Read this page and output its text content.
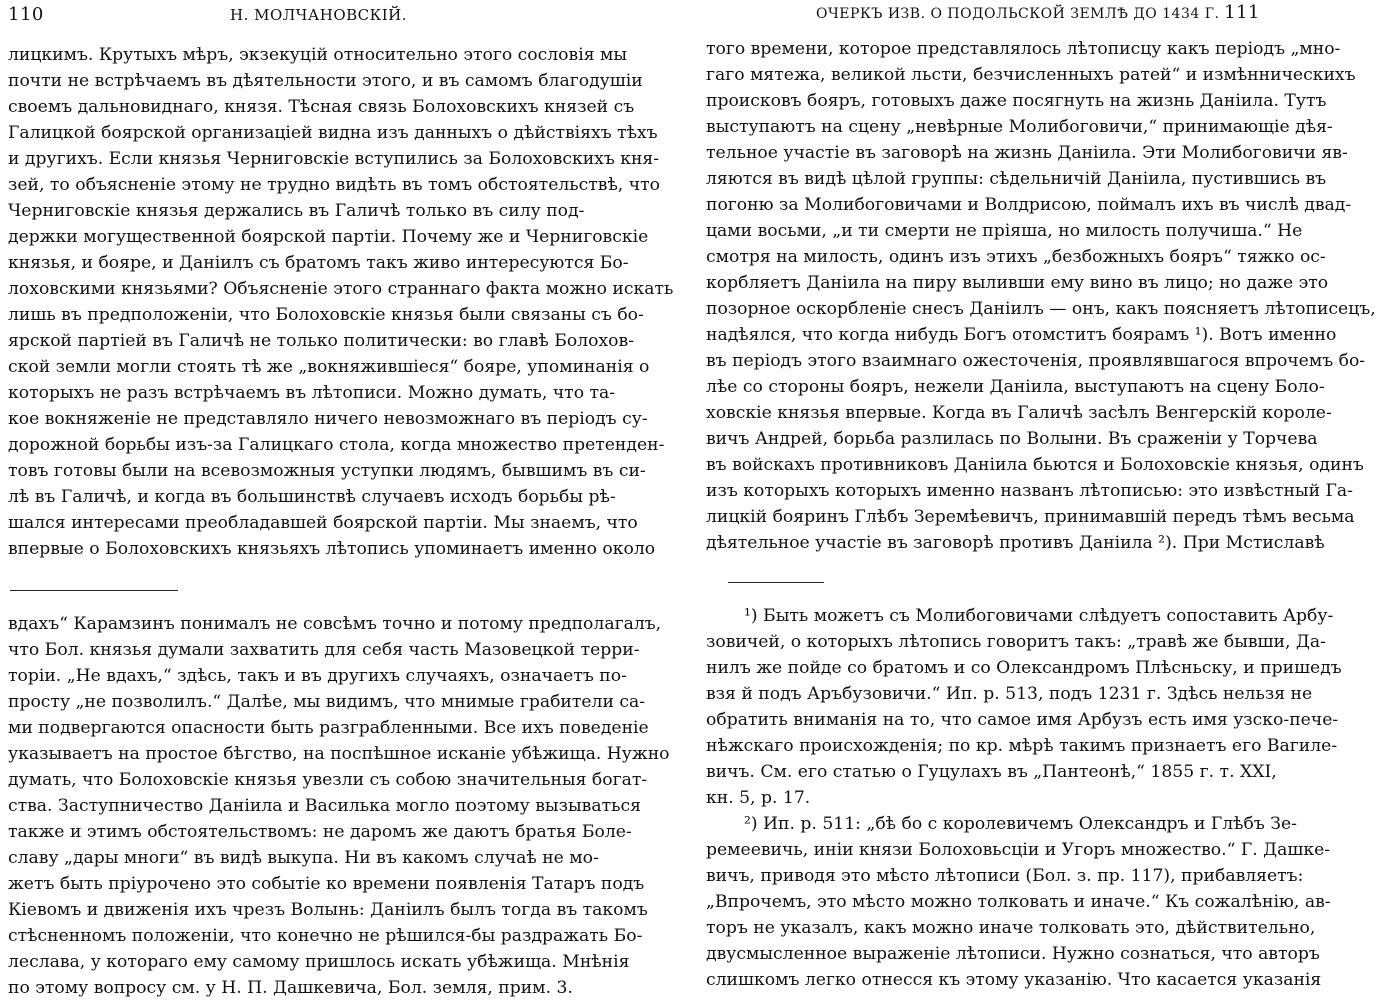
110	Н. МОЛЧАНОВСКІЙ.
лицкимъ. Крутыхъ мѣръ, экзекуцій относительно этого сословія мы
почти не встрѣчаемъ въ дѣятельности этого, и въ самомъ благодушіи
своемъ дальновиднаго, князя. Тѣсная связь Болоховскихъ князей съ
Галицкой боярской организаціей видна изъ данныхъ о дѣйствіяхъ тѣхъ
и другихъ. Если князья Черниговскіе вступились за Болоховскихъ кня-
зей, то объясненіе этому не трудно видѣть въ томъ обстоятельствѣ, что
Черниговскіе князья держались въ Галичѣ только въ силу под-
держки могущественной боярской партіи. Почему же и Черниговскіе
князья, и бояре, и Даніилъ съ братомъ такъ живо интересуются Бо-
лоховскими князьями? Объясненіе этого страннаго факта можно искать
лишь въ предположеніи, что Болоховскіе князья были связаны съ бо-
ярской партіей въ Галичѣ не только политически: во главѣ Болохов-
ской земли могли стоять тѣ же „вокняжившіеся“ бояре, упоминанія о
которыхъ не разъ встрѣчаемъ въ лѣтописи. Можно думать, что та-
кое вокняженіе не представляло ничего невозможнаго въ періодъ су-
дорожной борьбы изъ-за Галицкаго стола, когда множество претенден-
товъ готовы были на всевозможныя уступки людямъ, бывшимъ въ си-
лѣ въ Галичѣ, и когда въ большинствѣ случаевъ исходъ борьбы рѣ-
шался интересами преобладавшей боярской партіи. Мы знаемъ, что
впервые о Болоховскихъ князьяхъ лѣтопись упоминаетъ именно около
вдахъ“ Карамзинъ понималъ не совсѣмъ точно и потому предполагалъ,
что Бол. князья думали захватить для себя часть Мазовецкой терри-
торіи. „Не вдахъ,“ здѣсь, такъ и въ другихъ случаяхъ, означаетъ по-
просту „не позволилъ.“ Далѣе, мы видимъ, что мнимые грабители са-
ми подвергаются опасности быть разграбленными. Все ихъ поведеніе
указываетъ на простое бѣгство, на поспѣшное исканіе убѣжища. Нужно
думать, что Болоховскіе князья увезли съ собою значительныя богат-
ства. Заступничество Даніила и Василька могло поэтому вызываться
также и этимъ обстоятельствомъ: не даромъ же даютъ братья Боле-
славу „дары многи“ въ видѣ выкупа. Ни въ какомъ случаѣ не мо-
жетъ быть пріурочено это событіе ко времени появленія Татаръ подъ
Кіевомъ и движенія ихъ чрезъ Волынь: Даніилъ былъ тогда въ такомъ
стѣсненномъ положеніи, что конечно не рѣшился-бы раздражать Бо-
леслава, у котораго ему самому пришлось искать убѣжища. Мнѣнія
по этому вопросу см. у Н. П. Дашкевича, Бол. земля, прим. 3.
ОЧЕРКЪ ИЗВ. О ПОДОЛЬСКОЙ ЗЕМЛѢ ДО 1434 Г. 111
того времени, которое представлялось лѣтописцу какъ періодъ „мно-
гаго мятежа, великой льсти, безчисленныхъ ратей“ и измѣнническихъ
происковъ бояръ, готовыхъ даже посягнуть на жизнь Даніила. Тутъ
выступаютъ на сцену „невѣрные Молибоговичи,“ принимающіе дѣя-
тельное участіе въ заговорѣ на жизнь Даніила. Эти Молибоговичи яв-
ляются въ видѣ цѣлой группы: сѣдельничій Даніила, пустившись въ
погоню за Молибоговичами и Волдрисою, поймалъ ихъ въ числѣ двад-
цами восьми, „и ти смерти не пріяша, но милость получиша.“ Не
смотря на милость, одинъ изъ этихъ „безбожныхъ бояръ“ тяжко ос-
корбляетъ Даніила на пиру выливши ему вино въ лицо; но даже это
позорное оскорбленіе снесъ Даніилъ — онъ, какъ поясняетъ лѣтописецъ,
надѣялся, что когда нибудь Богъ отомститъ боярамъ ¹). Вотъ именно
въ періодъ этого взаимнаго ожесточенія, проявлявшагося впрочемъ бо-
лѣе со стороны бояръ, нежели Даніила, выступаютъ на сцену Боло-
ховскіе князья впервые. Когда въ Галичѣ засѣлъ Венгерскій короле-
вичъ Андрей, борьба разлилась по Волыни. Въ сраженіи у Торчева
въ войскахъ противниковъ Даніила бьются и Болоховскіе князья, одинъ
изъ которыхъ которыхъ именно названъ лѣтописью: это извѣстный Га-
лицкій бояринъ Глѣбъ Зеремѣевичъ, принимавшій передъ тѣмъ весьма
дѣятельное участіе въ заговорѣ противъ Даніила ²). При Мстиславѣ
¹) Быть можетъ съ Молибоговичами слѣдуетъ сопоставить Арбу-
зовичей, о которыхъ лѣтопись говоритъ такъ: „травѣ же бывши, Да-
нилъ же пойде со братомъ и со Олександромъ Плѣсньску, и пришедъ
взя й подъ Аръбузовичи.“ Ип. р. 513, подъ 1231 г. Здѣсь нельзя не
обратить вниманія на то, что самое имя Арбузъ есть имя узско-пече-
нѣжскаго происхожденія; по кр. мѣрѣ такимъ признаетъ его Вагиле-
вичъ. См. его статью о Гуцулахъ въ „Пантеонѣ,“ 1855 г. т. XXI,
кн. 5, р. 17.
²) Ип. р. 511: „бѣ бо с королевичемъ Олександръ и Глѣбъ Зе-
ремеевичь, иніи князи Болоховьсціи и Угоръ множество.“ Г. Дашке-
вичъ, приводя это мѣсто лѣтописи (Бол. з. пр. 117), прибавляетъ:
„Впрочемъ, это мѣсто можно толковать и иначе.“ Къ сожалѣнію, ав-
торъ не указалъ, какъ можно иначе толковать это, дѣйствительно,
двусмысленное выраженіе лѣтописи. Нужно сознаться, что авторъ
слишкомъ легко отнесся къ этому указанію. Что касается указанія
